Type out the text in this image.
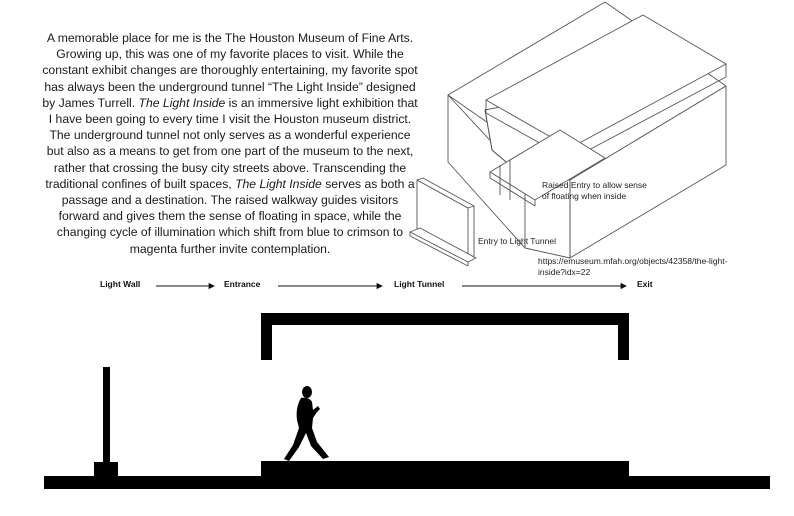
A memorable place for me is the The Houston Museum of Fine Arts. Growing up, this was one of my favorite places to visit. While the constant exhibit changes are thoroughly entertaining, my favorite spot has always been the underground tunnel “The Light Inside” designed by James Turrell. The Light Inside is an immersive light exhibition that I have been going to every time I visit the Houston museum district. The underground tunnel not only serves as a wonderful experience but also as a means to get from one part of the museum to the next, rather that crossing the busy city streets above. Transcending the traditional confines of built spaces, The Light Inside serves as both a passage and a destination. The raised walkway guides visitors forward and gives them the sense of floating in space, while the changing cycle of illumination which shift from blue to crimson to magenta further invite contemplation.
Raised Entry to allow sense of floating when inside
Entry to Light Tunnel
https://emuseum.mfah.org/objects/42358/the-light-inside?idx=22
Light Wall	Entrance	Light Tunnel	Exit
